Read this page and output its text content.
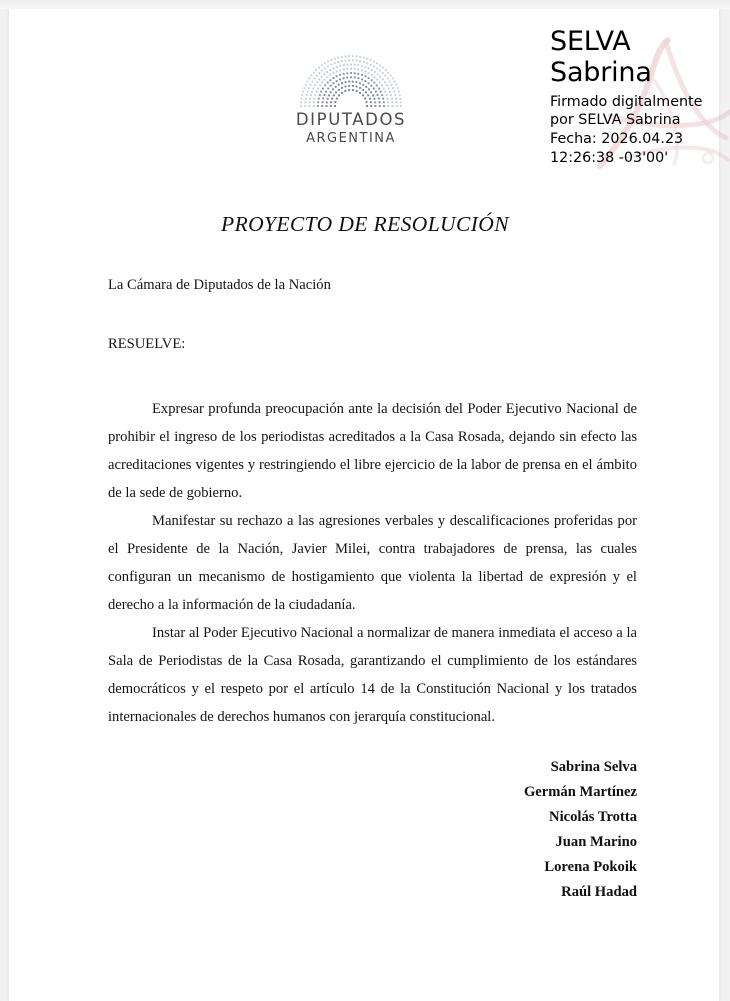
DIPUTADOS
ARGENTINA
SELVA
Sabrina
Firmado digitalmente
por SELVA Sabrina
Fecha: 2026.04.23
12:26:38 -03'00'
PROYECTO DE RESOLUCIÓN

La Cámara de Diputados de la Nación

RESUELVE:

Expresar profunda preocupación ante la decisión del Poder Ejecutivo Nacional de prohibir el ingreso de los periodistas acreditados a la Casa Rosada, dejando sin efecto las acreditaciones vigentes y restringiendo el libre ejercicio de la labor de prensa en el ámbito de la sede de gobierno.

Manifestar su rechazo a las agresiones verbales y descalificaciones proferidas por el Presidente de la Nación, Javier Milei, contra trabajadores de prensa, las cuales configuran un mecanismo de hostigamiento que violenta la libertad de expresión y el derecho a la información de la ciudadanía.

Instar al Poder Ejecutivo Nacional a normalizar de manera inmediata el acceso a la Sala de Periodistas de la Casa Rosada, garantizando el cumplimiento de los estándares democráticos y el respeto por el artículo 14 de la Constitución Nacional y los tratados internacionales de derechos humanos con jerarquía constitucional.

Sabrina Selva
Germán Martínez
Nicolás Trotta
Juan Marino
Lorena Pokoik
Raúl Hadad
